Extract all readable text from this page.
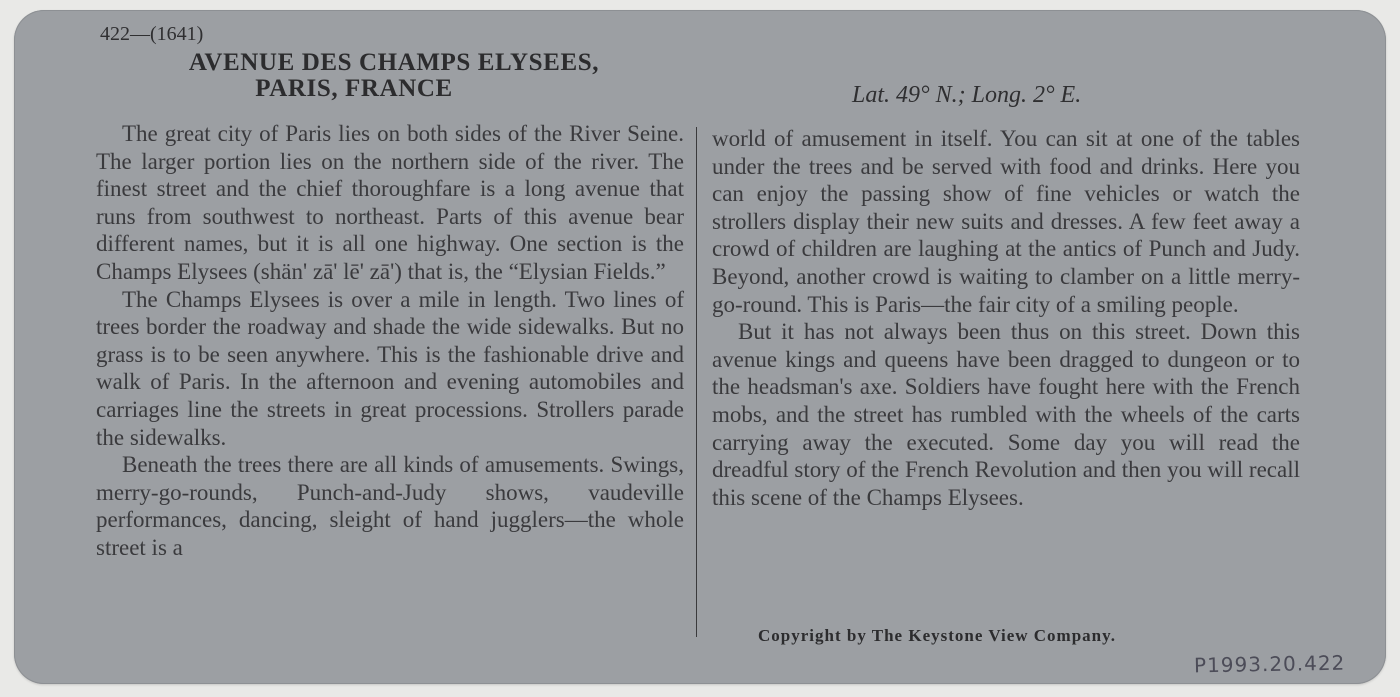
422—(1641)
AVENUE DES CHAMPS ELYSEES,
PARIS, FRANCE	Lat. 49° N.; Long. 2° E.

The great city of Paris lies on both sides of the River Seine. The larger portion lies on the northern side of the river. The finest street and the chief thoroughfare is a long avenue that runs from southwest to northeast. Parts of this avenue bear different names, but it is all one highway. One section is the Champs Elysees (shän' zā' lē' zā') that is, the “Elysian Fields.”

The Champs Elysees is over a mile in length. Two lines of trees border the roadway and shade the wide sidewalks. But no grass is to be seen anywhere. This is the fashionable drive and walk of Paris. In the afternoon and evening automobiles and carriages line the streets in great processions. Strollers parade the sidewalks.

Beneath the trees there are all kinds of amusements. Swings, merry-go-rounds, Punch-and-Judy shows, vaudeville performances, dancing, sleight of hand jugglers—the whole street is a

world of amusement in itself. You can sit at one of the tables under the trees and be served with food and drinks. Here you can enjoy the passing show of fine vehicles or watch the strollers display their new suits and dresses. A few feet away a crowd of children are laughing at the antics of Punch and Judy. Beyond, another crowd is waiting to clamber on a little merry-go-round. This is Paris—the fair city of a smiling people.

But it has not always been thus on this street. Down this avenue kings and queens have been dragged to dungeon or to the headsman's axe. Soldiers have fought here with the French mobs, and the street has rumbled with the wheels of the carts carrying away the executed. Some day you will read the dreadful story of the French Revolution and then you will recall this scene of the Champs Elysees.

Copyright by The Keystone View Company.
P1993.20.422
